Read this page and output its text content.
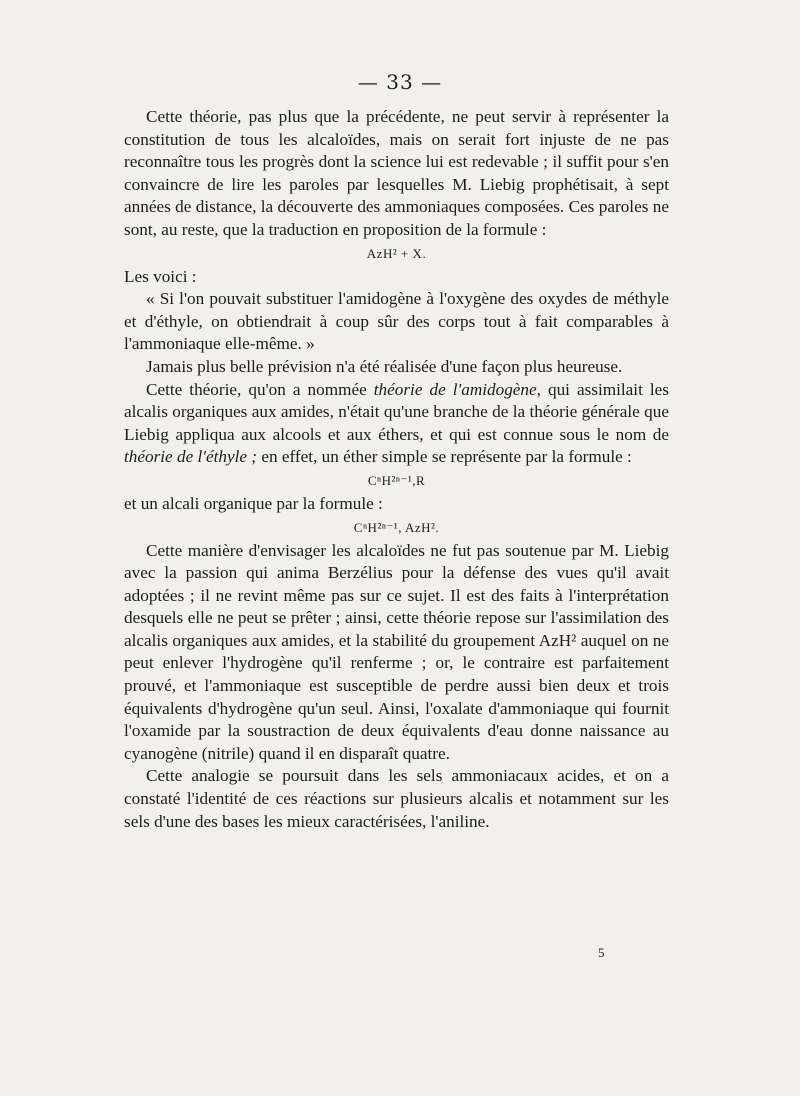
— 33 —

Cette théorie, pas plus que la précédente, ne peut servir à représenter la constitution de tous les alcaloïdes, mais on serait fort injuste de ne pas reconnaître tous les progrès dont la science lui est redevable ; il suffit pour s'en convaincre de lire les paroles par lesquelles M. Liebig prophétisait, à sept années de distance, la découverte des ammoniaques composées. Ces paroles ne sont, au reste, que la traduction en proposition de la formule :

AzH² + X.

Les voici :

« Si l'on pouvait substituer l'amidogène à l'oxygène des oxydes de méthyle et d'éthyle, on obtiendrait à coup sûr des corps tout à fait comparables à l'ammoniaque elle-même. »

Jamais plus belle prévision n'a été réalisée d'une façon plus heureuse.

Cette théorie, qu'on a nommée théorie de l'amidogène, qui assimilait les alcalis organiques aux amides, n'était qu'une branche de la théorie générale que Liebig appliqua aux alcools et aux éthers, et qui est connue sous le nom de théorie de l'éthyle ; en effet, un éther simple se représente par la formule :

CⁿH²ⁿ⁻¹,R

et un alcali organique par la formule :

CⁿH²ⁿ⁻¹, AzH².

Cette manière d'envisager les alcaloïdes ne fut pas soutenue par M. Liebig avec la passion qui anima Berzélius pour la défense des vues qu'il avait adoptées ; il ne revint même pas sur ce sujet. Il est des faits à l'interprétation desquels elle ne peut se prêter ; ainsi, cette théorie repose sur l'assimilation des alcalis organiques aux amides, et la stabilité du groupement AzH² auquel on ne peut enlever l'hydrogène qu'il renferme ; or, le contraire est parfaitement prouvé, et l'ammoniaque est susceptible de perdre aussi bien deux et trois équivalents d'hydrogène qu'un seul. Ainsi, l'oxalate d'ammoniaque qui fournit l'oxamide par la soustraction de deux équivalents d'eau donne naissance au cyanogène (nitrile) quand il en disparaît quatre.

Cette analogie se poursuit dans les sels ammoniacaux acides, et on a constaté l'identité de ces réactions sur plusieurs alcalis et notamment sur les sels d'une des bases les mieux caractérisées, l'aniline.

5
